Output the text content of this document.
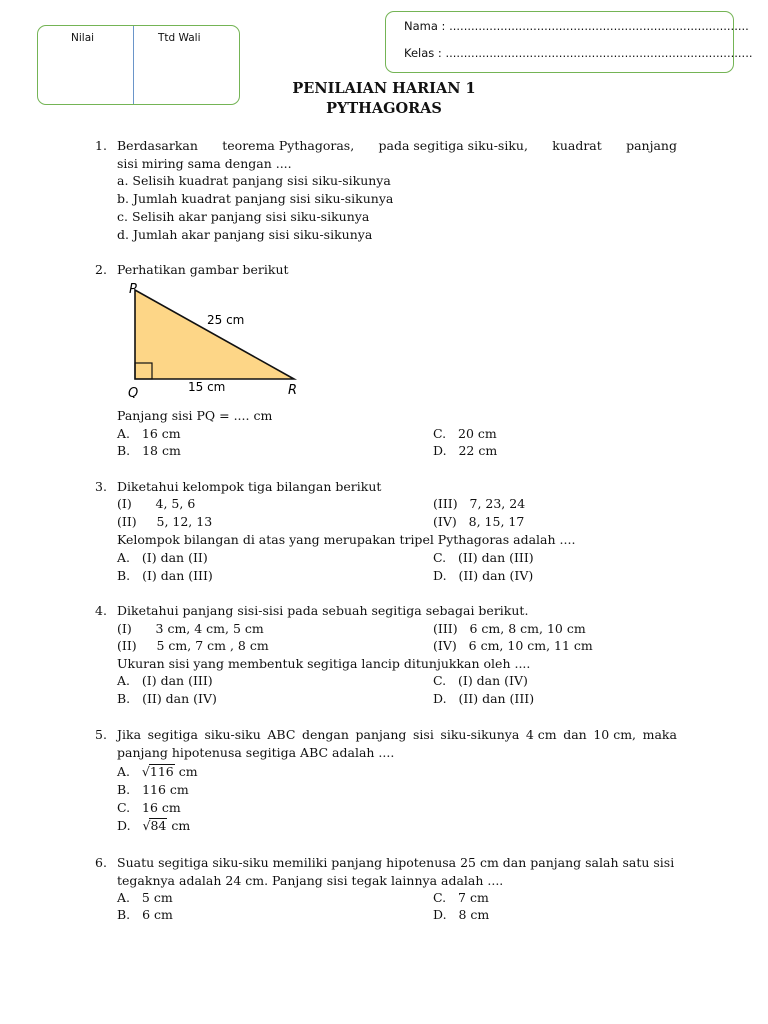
Nilai	Ttd Wali
Nama : ..................................................................................
Kelas : ....................................................................................
PENILAIAN HARIAN 1
PYTHAGORAS
1. Berdasarkan teorema Pythagoras, pada segitiga siku-siku, kuadrat panjang
sisi miring sama dengan ....
a. Selisih kuadrat panjang sisi siku-sikunya
b. Jumlah kuadrat panjang sisi siku-sikunya
c. Selisih akar panjang sisi siku-sikunya
d. Jumlah akar panjang sisi siku-sikunya
2. Perhatikan gambar berikut
P
Q	R
25 cm
15 cm
Panjang sisi PQ = .... cm
A.   16 cm	C.   20 cm
B.   18 cm	D.   22 cm
3. Diketahui kelompok tiga bilangan berikut
(I)      4, 5, 6	(III)   7, 23, 24
(II)     5, 12, 13	(IV)   8, 15, 17
Kelompok bilangan di atas yang merupakan tripel Pythagoras adalah ....
A.   (I) dan (II)	C.   (II) dan (III)
B.   (I) dan (III)	D.   (II) dan (IV)
4. Diketahui panjang sisi-sisi pada sebuah segitiga sebagai berikut.
(I)      3 cm, 4 cm, 5 cm	(III)   6 cm, 8 cm, 10 cm
(II)     5 cm, 7 cm , 8 cm	(IV)   6 cm, 10 cm, 11 cm
Ukuran sisi yang membentuk segitiga lancip ditunjukkan oleh ....
A.   (I) dan (III)	C.   (I) dan (IV)
B.   (II) dan (IV)	D.   (II) dan (III)
5. Jika segitiga siku-siku ABC dengan panjang sisi siku-sikunya 4 cm dan 10 cm, maka
panjang hipotenusa segitiga ABC adalah ....
A.   √116 cm
B.   116 cm
C.   16 cm
D.   √84 cm
6. Suatu segitiga siku-siku memiliki panjang hipotenusa 25 cm dan panjang salah satu sisi
tegaknya adalah 24 cm. Panjang sisi tegak lainnya adalah ....
A.   5 cm	C.   7 cm
B.   6 cm	D.   8 cm
